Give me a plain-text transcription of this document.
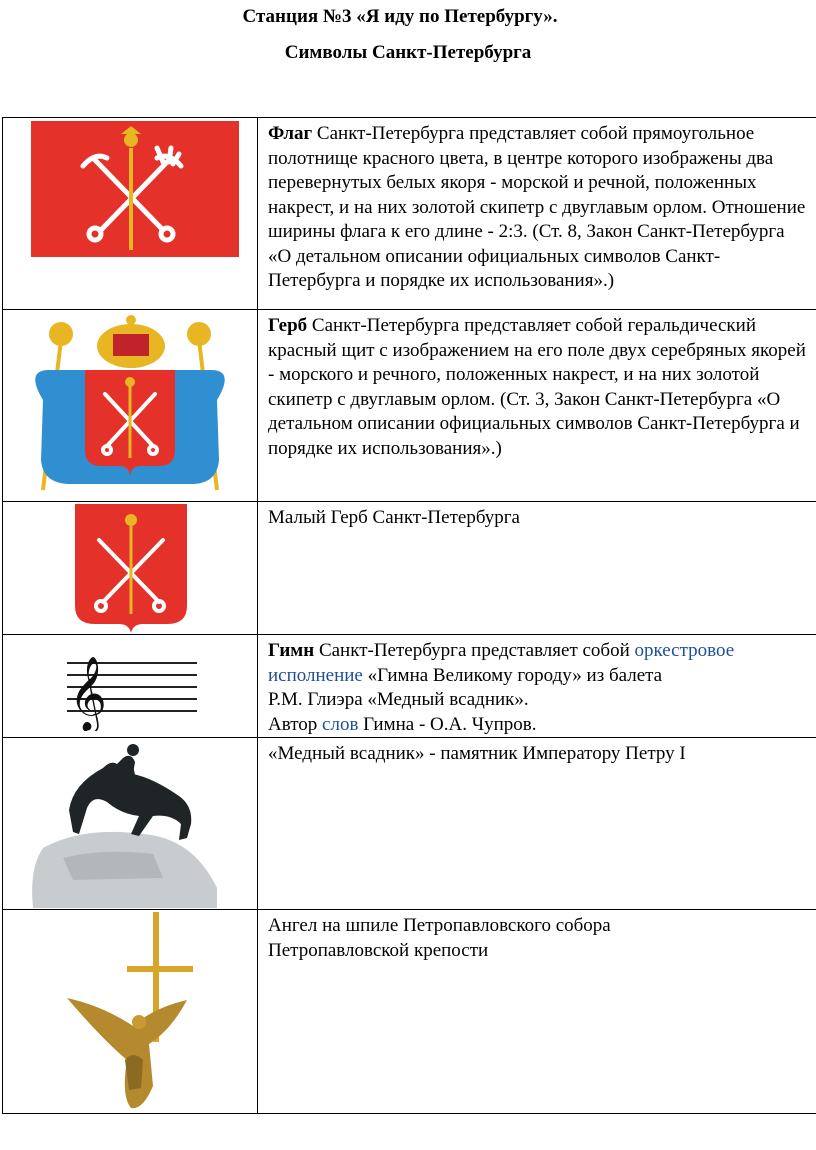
Станция №3 «Я иду по Петербургу».
Символы Санкт-Петербурга
	Флаг Санкт-Петербурга представляет собой прямоугольное полотнище красного цвета, в центре которого изображены два перевернутых белых якоря - морской и речной, положенных накрест, и на них золотой скипетр с двуглавым орлом. Отношение ширины флага к его длине - 2:3. (Ст. 8, Закон Санкт-Петербурга «О детальном описании официальных символов Санкт-Петербурга и порядке их использования».)

	Герб Санкт-Петербурга представляет собой геральдический красный щит с изображением на его поле двух серебряных якорей - морского и речного, положенных накрест, и на них золотой скипетр с двуглавым орлом. (Ст. 3, Закон Санкт-Петербурга «О детальном описании официальных символов Санкт-Петербурга и порядке их использования».)

	Малый Герб Санкт-Петербурга

𝄞	Гимн Санкт-Петербурга представляет собой оркестровое исполнение «Гимна Великому городу» из балета
Р.М. Глиэра «Медный всадник».
Автор слов Гимна - О.А. Чупров.

	«Медный всадник» - памятник Императору Петру I

	Ангел на шпиле Петропавловского собора
Петропавловской крепости
